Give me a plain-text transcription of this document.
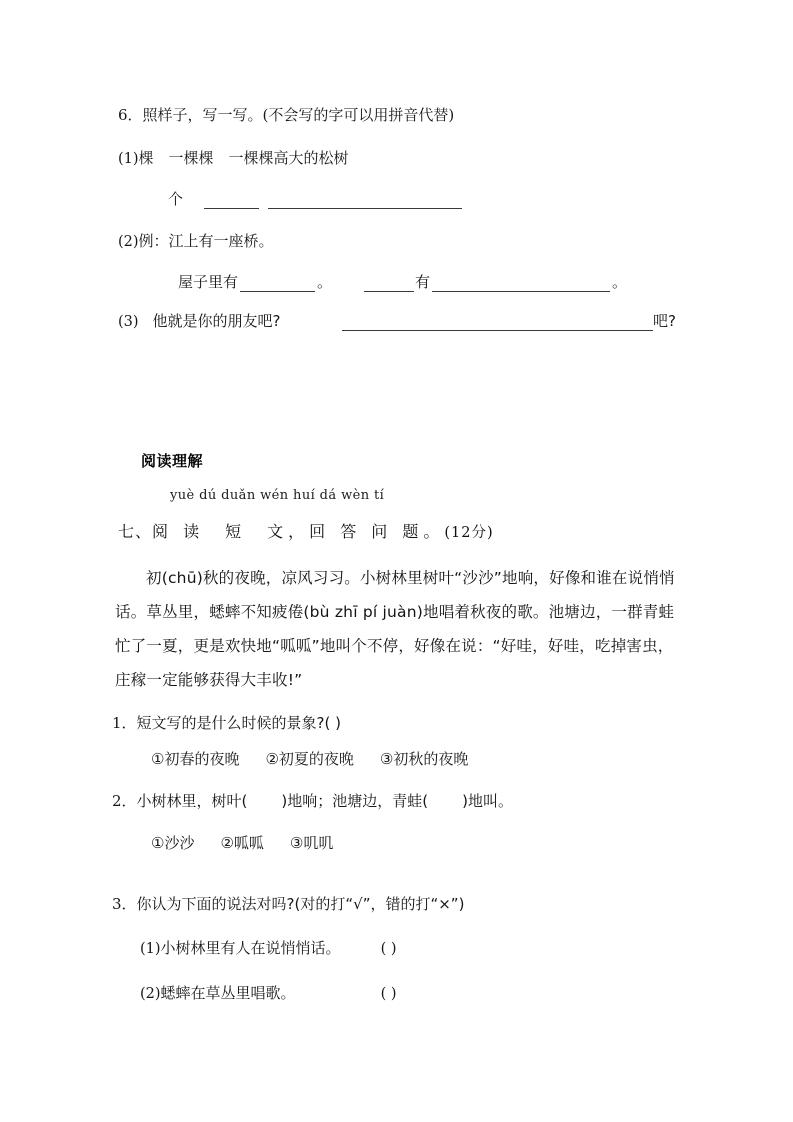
6．照样子，写一写。(不会写的字可以用拼音代替)
(1)棵　一棵棵　一棵棵高大的松树
个
(2)例：江上有一座桥。
屋子里有	。	有	。
(3) 他就是你的朋友吧?	吧?
阅读理解
yuè dú duǎn wén huí dá wèn tí
七、阅 读　短　文，回 答 问 题。(12分)
初(chū)秋的夜晚，凉风习习。小树林里树叶“沙沙”地响，好像和谁在说悄悄
话。草丛里，蟋蟀不知疲倦(bù zhī pí juàn)地唱着秋夜的歌。池塘边，一群青蛙
忙了一夏，更是欢快地“呱呱”地叫个不停，好像在说：“好哇，好哇，吃掉害虫，
庄稼一定能够获得大丰收!”
1．短文写的是什么时候的景象?( )
①初春的夜晚 ②初夏的夜晚 ③初秋的夜晚
2．小树林里，树叶( )地响；池塘边，青蛙( )地叫。
①沙沙 ②呱呱 ③叽叽
3．你认为下面的说法对吗?(对的打“√”，错的打“×”)
(1)小树林里有人在说悄悄话。	( )
(2)蟋蟀在草丛里唱歌。	( )
